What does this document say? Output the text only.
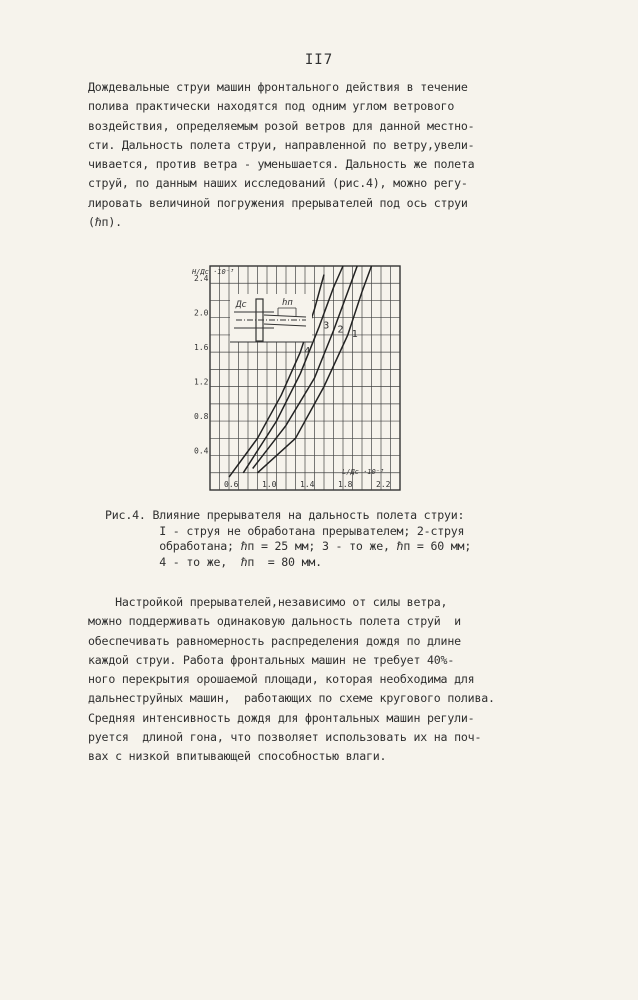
II7
Дождевальные струи машин фронтального действия в течение
полива практически находятся под одним углом ветрового
воздействия, определяемым розой ветров для данной местно-
сти. Дальность полета струи, направленной по ветру,увели-
чивается, против ветра - уменьшается. Дальность же полета
струй, по данным наших исследований (рис.4), можно регу-
лировать величиной погружения прерывателей под ось струи
(ℏп).
0.4
0.8
1.2
1.6
2.0
2.4
0.6	1.0	1.4	1.8	2.2
H/Дс ·10⁻³
L/Дс ·10⁻³
1
2
3
4
Дс	hп
Рис.4. Влияние прерывателя на дальность полета струи:
I - струя не обработана прерывателем; 2-струя
обработана; ℏп = 25 мм; 3 - то же, ℏп = 60 мм;
4 - то же,  ℏп  = 80 мм.
Настройкой прерывателей,независимо от силы ветра,
можно поддерживать одинаковую дальность полета струй  и
обеспечивать равномерность распределения дождя по длине
каждой струи. Работа фронтальных машин не требует 40%-
ного перекрытия орошаемой площади, которая необходима для
дальнеструйных машин,  работающих по схеме кругового полива.
Средняя интенсивность дождя для фронтальных машин регули-
руется  длиной гона, что позволяет использовать их на поч-
вах с низкой впитывающей способностью влаги.
